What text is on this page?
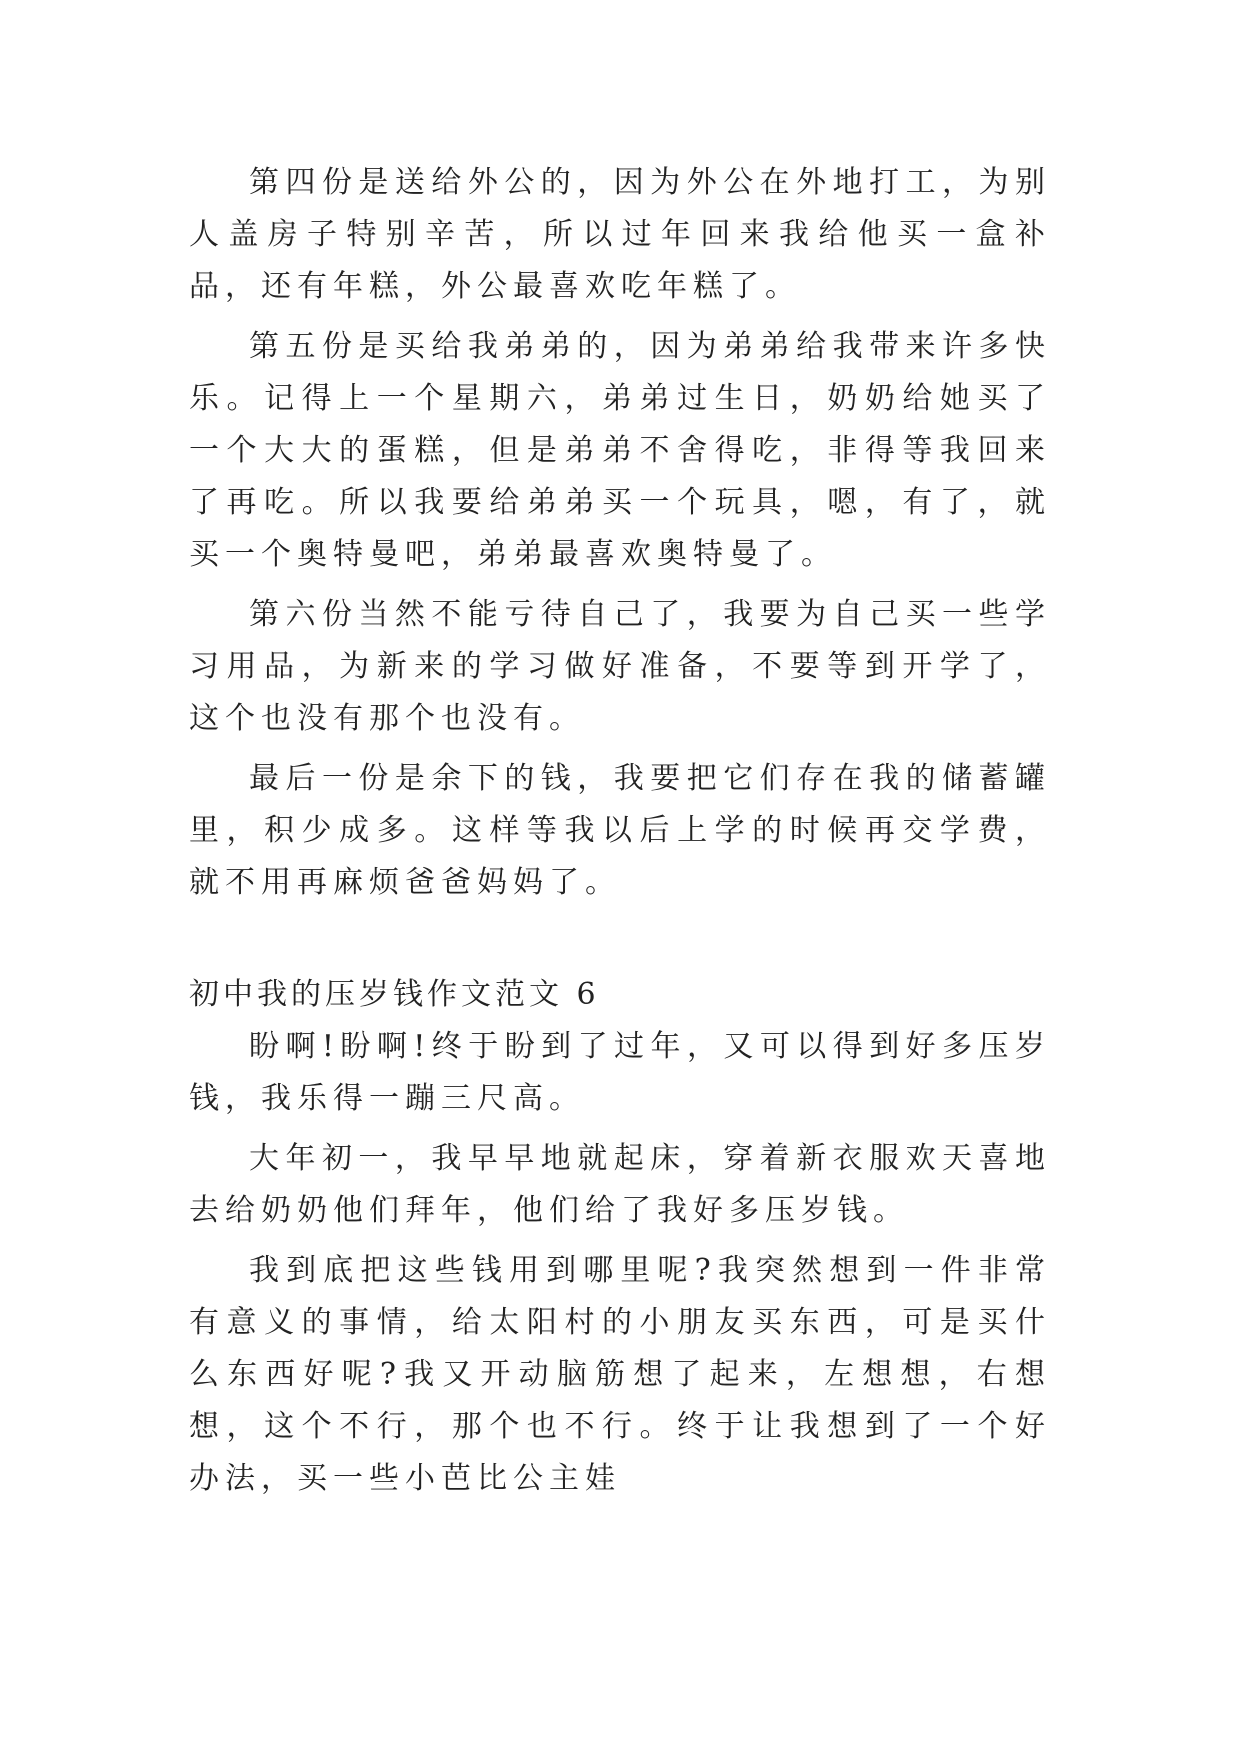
第四份是送给外公的，因为外公在外地打工，为别人盖房子特别辛苦，所以过年回来我给他买一盒补品，还有年糕，外公最喜欢吃年糕了。

第五份是买给我弟弟的，因为弟弟给我带来许多快乐。记得上一个星期六，弟弟过生日，奶奶给她买了一个大大的蛋糕，但是弟弟不舍得吃，非得等我回来了再吃。所以我要给弟弟买一个玩具，嗯，有了，就买一个奥特曼吧，弟弟最喜欢奥特曼了。

第六份当然不能亏待自己了，我要为自己买一些学习用品，为新来的学习做好准备，不要等到开学了，这个也没有那个也没有。

最后一份是余下的钱，我要把它们存在我的储蓄罐里，积少成多。这样等我以后上学的时候再交学费，就不用再麻烦爸爸妈妈了。

初中我的压岁钱作文范文 6

盼啊!盼啊!终于盼到了过年，又可以得到好多压岁钱，我乐得一蹦三尺高。

大年初一，我早早地就起床，穿着新衣服欢天喜地去给奶奶他们拜年，他们给了我好多压岁钱。

我到底把这些钱用到哪里呢?我突然想到一件非常有意义的事情，给太阳村的小朋友买东西，可是买什么东西好呢?我又开动脑筋想了起来，左想想，右想想，这个不行，那个也不行。终于让我想到了一个好办法，买一些小芭比公主娃
